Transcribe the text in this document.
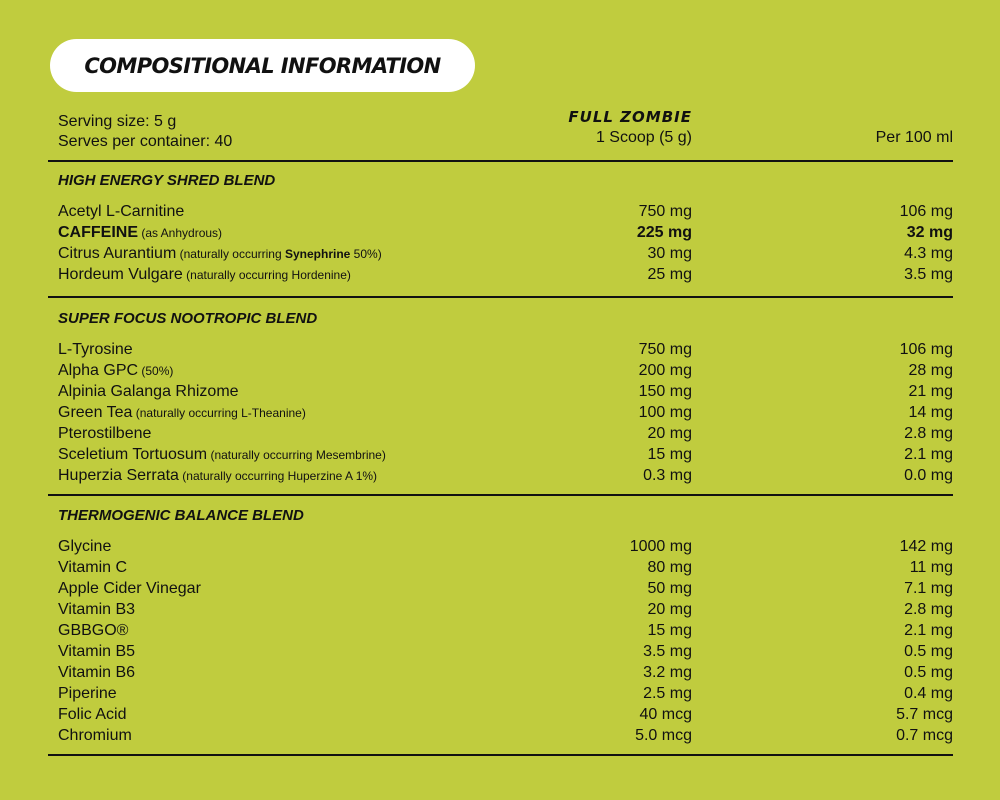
COMPOSITIONAL INFORMATION
Serving size: 5 g
Serves per container: 40
FULL ZOMBIE
1 Scoop (5 g)	Per 100 ml
HIGH ENERGY SHRED BLEND
Acetyl L-Carnitine	750 mg	106 mg
CAFFEINE (as Anhydrous)	225 mg	32 mg
Citrus Aurantium (naturally occurring Synephrine 50%)	30 mg	4.3 mg
Hordeum Vulgare (naturally occurring Hordenine)	25 mg	3.5 mg
SUPER FOCUS NOOTROPIC BLEND
L-Tyrosine	750 mg	106 mg
Alpha GPC (50%)	200 mg	28 mg
Alpinia Galanga Rhizome	150 mg	21 mg
Green Tea (naturally occurring L-Theanine)	100 mg	14 mg
Pterostilbene	20 mg	2.8 mg
Sceletium Tortuosum (naturally occurring Mesembrine)	15 mg	2.1 mg
Huperzia Serrata (naturally occurring Huperzine A 1%)	0.3 mg	0.0 mg
THERMOGENIC BALANCE BLEND
Glycine	1000 mg	142 mg
Vitamin C	80 mg	11 mg
Apple Cider Vinegar	50 mg	7.1 mg
Vitamin B3	20 mg	2.8 mg
GBBGO®	15 mg	2.1 mg
Vitamin B5	3.5 mg	0.5 mg
Vitamin B6	3.2 mg	0.5 mg
Piperine	2.5 mg	0.4 mg
Folic Acid	40 mcg	5.7 mcg
Chromium	5.0 mcg	0.7 mcg
